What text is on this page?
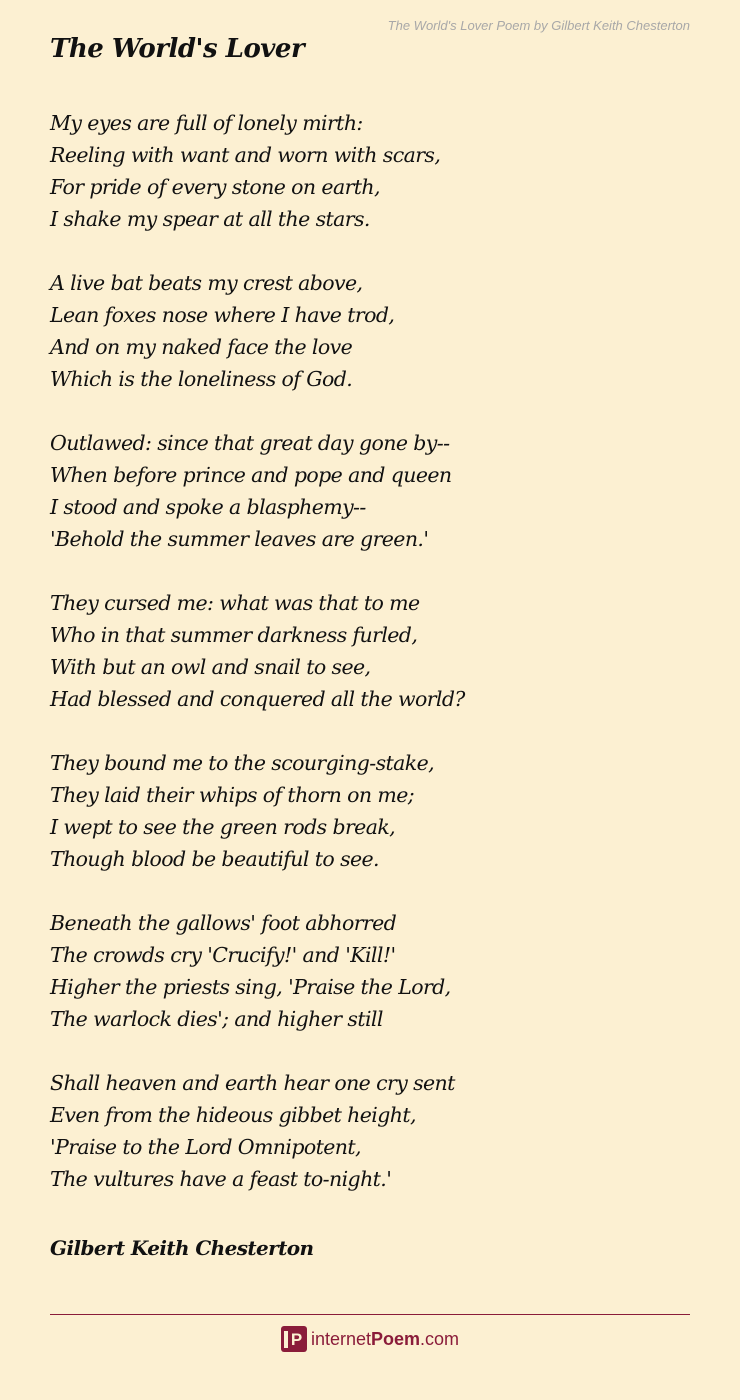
The World's Lover Poem by Gilbert Keith Chesterton
The World's Lover
My eyes are full of lonely mirth:
Reeling with want and worn with scars,
For pride of every stone on earth,
I shake my spear at all the stars.
A live bat beats my crest above,
Lean foxes nose where I have trod,
And on my naked face the love
Which is the loneliness of God.
Outlawed: since that great day gone by--
When before prince and pope and queen
I stood and spoke a blasphemy--
'Behold the summer leaves are green.'
They cursed me: what was that to me
Who in that summer darkness furled,
With but an owl and snail to see,
Had blessed and conquered all the world?
They bound me to the scourging-stake,
They laid their whips of thorn on me;
I wept to see the green rods break,
Though blood be beautiful to see.
Beneath the gallows' foot abhorred
The crowds cry 'Crucify!' and 'Kill!'
Higher the priests sing, 'Praise the Lord,
The warlock dies'; and higher still
Shall heaven and earth hear one cry sent
Even from the hideous gibbet height,
'Praise to the Lord Omnipotent,
The vultures have a feast to-night.'
Gilbert Keith Chesterton
P internetPoem.com
